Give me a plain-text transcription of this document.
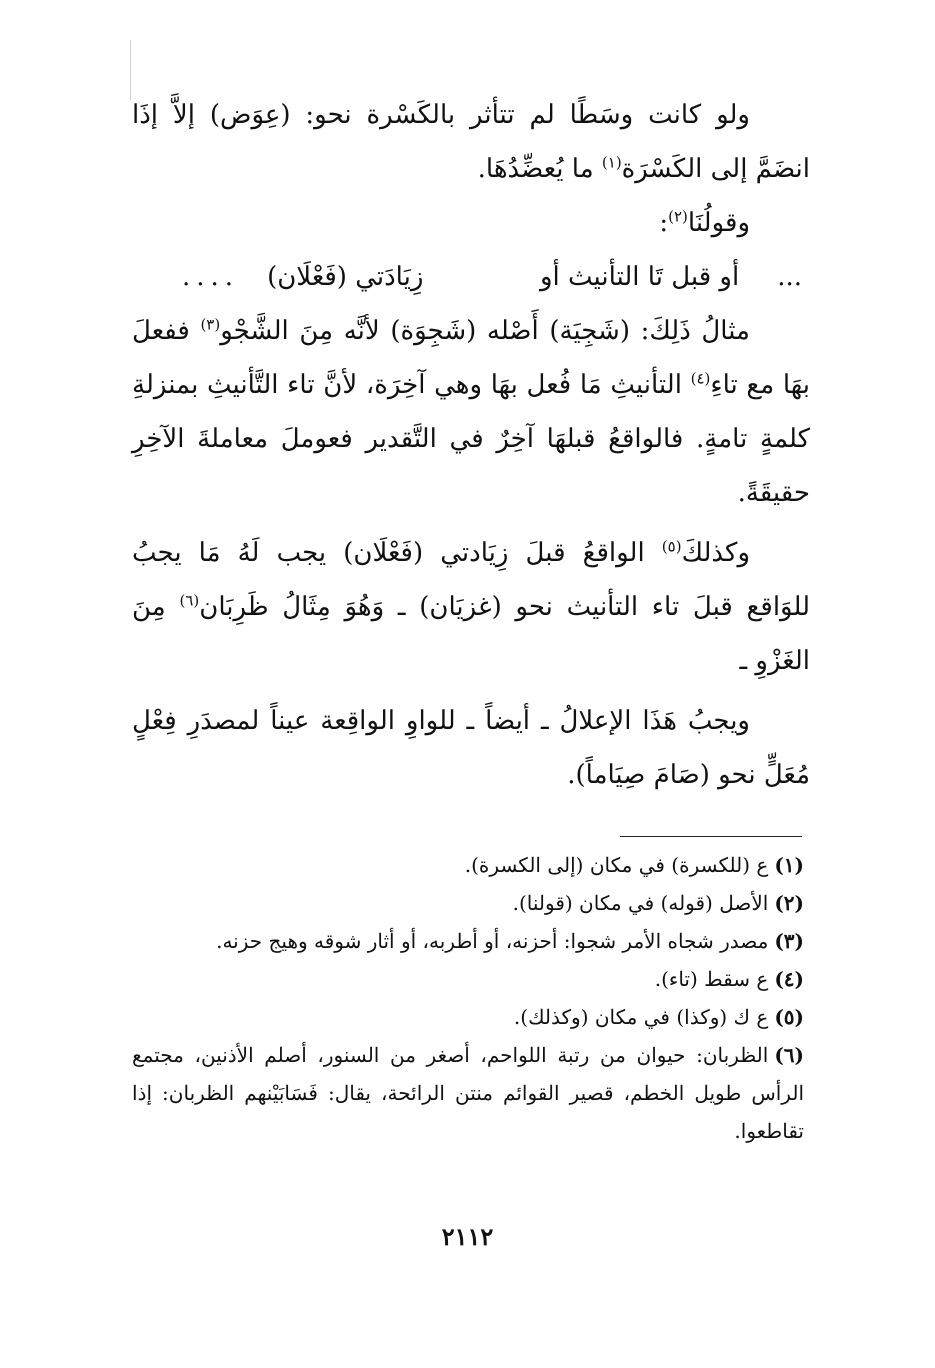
ولو كانت وسَطًا لم تتأثر بالكَسْرة نحو: (عِوَض) إلاَّ إذَا انضَمَّ إلى الكَسْرَة$^{(١)}$ ما يُعضِّدُهَا.

وقولُنَا$^{(٢)}$:

...
أو قبل تَا التأنيث أو
زِيَادَتي (فَعْلَان)
....

مثالُ ذَلِكَ: (شَجِيَة) أَصْله (شَجِوَة) لأنَّه مِنَ الشَّجْو$^{(٣)}$ ففعلَ بهَا مع تاءِ$^{(٤)}$ التأنيثِ مَا فُعل بهَا وهي آخِرَة، لأنَّ تاء التَّأنيثِ بمنزلةِ كلمةٍ تامةٍ. فالواقعُ قبلهَا آخِرٌ في التَّقدير فعوملَ معاملةَ الآخِرِ حقيقَةً.

وكذلكَ$^{(٥)}$ الواقعُ قبلَ زِيَادتي (فَعْلَان) يجب لَهُ مَا يجبُ للوَاقع قبلَ تاء التأنيث نحو (غزيَان) ـ وَهُوَ مِثَالُ ظَرِبَان$^{(٦)}$ مِنَ الغَزْوِ ـ

ويجبُ هَذَا الإعلالُ ـ أيضاً ـ للواوِ الواقِعة عيناً لمصدَرِ فِعْلٍ مُعَلٍّ نحو (صَامَ صِيَاماً).

(١)ع (للكسرة) في مكان (إلى الكسرة).

(٢)الأصل (قوله) في مكان (قولنا).

(٣)مصدر شجاه الأمر شجوا: أحزنه، أو أطربه، أو أثار شوقه وهيج حزنه.

(٤)ع سقط (تاء).

(٥)ع ك (وكذا) في مكان (وكذلك).

(٦)الظربان: حيوان من رتبة اللواحم، أصغر من السنور، أصلم الأذنين، مجتمع الرأس طويل الخطم، قصير القوائم منتن الرائحة، يقال: فَسَابَيْنهم الظربان: إذا تقاطعوا.

٢١١٢
